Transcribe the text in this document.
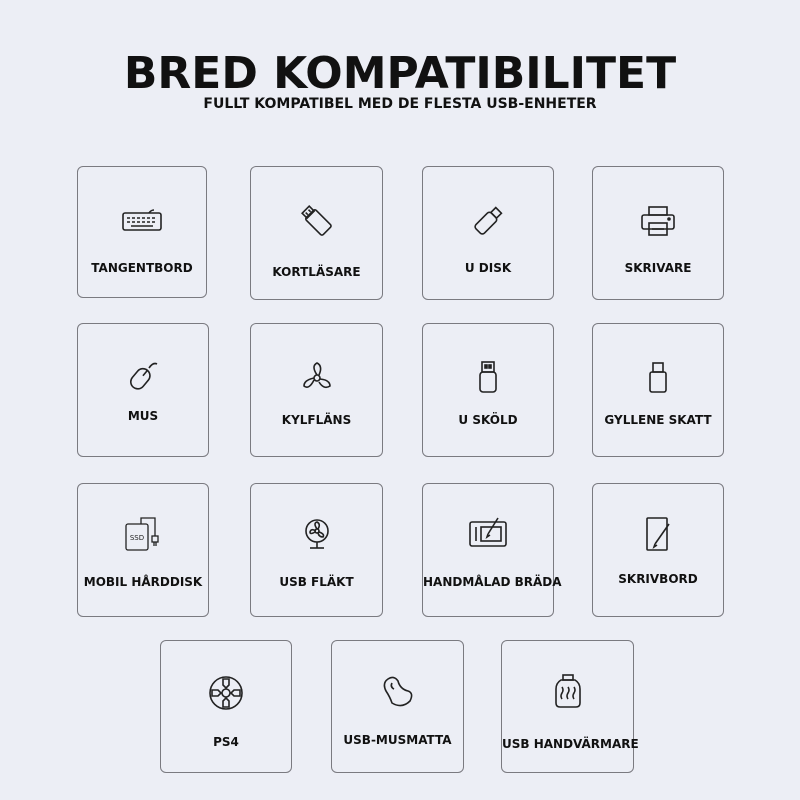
BRED KOMPATIBILITET
FULLT KOMPATIBEL MED DE FLESTA USB-ENHETER
TANGENTBORD	KORTLÄSARE	U DISK	SKRIVARE
MUS	KYLFLÄNS	U SKÖLD	GYLLENE SKATT
SSD
MOBIL HÅRDDISK	USB FLÄKT	HANDMÅLAD BRÄDA	SKRIVBORD
PS4	USB-MUSMATTA	USB HANDVÄRMARE
